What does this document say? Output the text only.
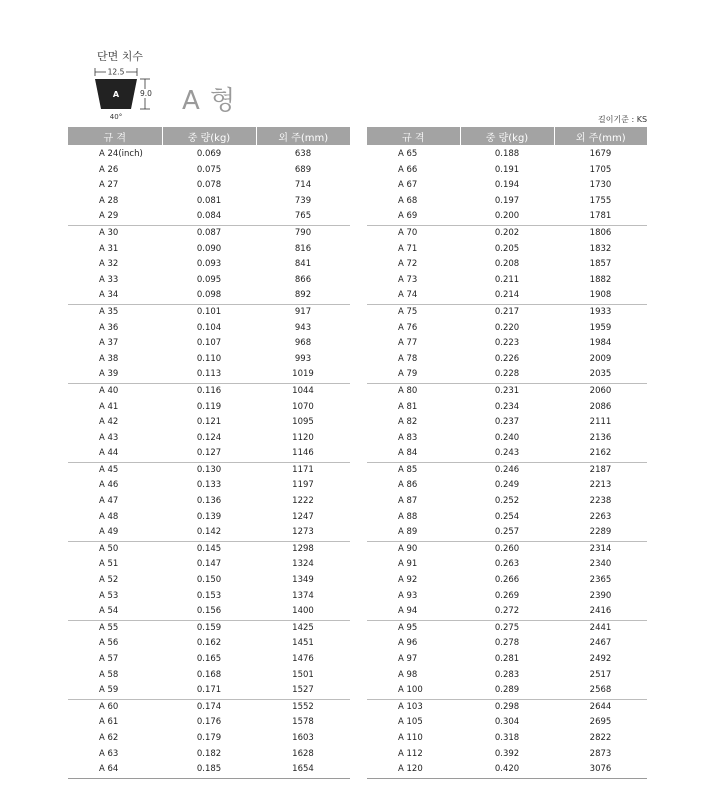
단면 치수
12.5
A	9.0
40°
A 형
길이기준 : KS
규 격	중 량(kg)	외 주(mm)
A 24(inch)	0.069	638
A 26	0.075	689
A 27	0.078	714
A 28	0.081	739
A 29	0.084	765
A 30	0.087	790
A 31	0.090	816
A 32	0.093	841
A 33	0.095	866
A 34	0.098	892
A 35	0.101	917
A 36	0.104	943
A 37	0.107	968
A 38	0.110	993
A 39	0.113	1019
A 40	0.116	1044
A 41	0.119	1070
A 42	0.121	1095
A 43	0.124	1120
A 44	0.127	1146
A 45	0.130	1171
A 46	0.133	1197
A 47	0.136	1222
A 48	0.139	1247
A 49	0.142	1273
A 50	0.145	1298
A 51	0.147	1324
A 52	0.150	1349
A 53	0.153	1374
A 54	0.156	1400
A 55	0.159	1425
A 56	0.162	1451
A 57	0.165	1476
A 58	0.168	1501
A 59	0.171	1527
A 60	0.174	1552
A 61	0.176	1578
A 62	0.179	1603
A 63	0.182	1628
A 64	0.185	1654
규 격	중 량(kg)	외 주(mm)
A 65	0.188	1679
A 66	0.191	1705
A 67	0.194	1730
A 68	0.197	1755
A 69	0.200	1781
A 70	0.202	1806
A 71	0.205	1832
A 72	0.208	1857
A 73	0.211	1882
A 74	0.214	1908
A 75	0.217	1933
A 76	0.220	1959
A 77	0.223	1984
A 78	0.226	2009
A 79	0.228	2035
A 80	0.231	2060
A 81	0.234	2086
A 82	0.237	2111
A 83	0.240	2136
A 84	0.243	2162
A 85	0.246	2187
A 86	0.249	2213
A 87	0.252	2238
A 88	0.254	2263
A 89	0.257	2289
A 90	0.260	2314
A 91	0.263	2340
A 92	0.266	2365
A 93	0.269	2390
A 94	0.272	2416
A 95	0.275	2441
A 96	0.278	2467
A 97	0.281	2492
A 98	0.283	2517
A 100	0.289	2568
A 103	0.298	2644
A 105	0.304	2695
A 110	0.318	2822
A 112	0.392	2873
A 120	0.420	3076
